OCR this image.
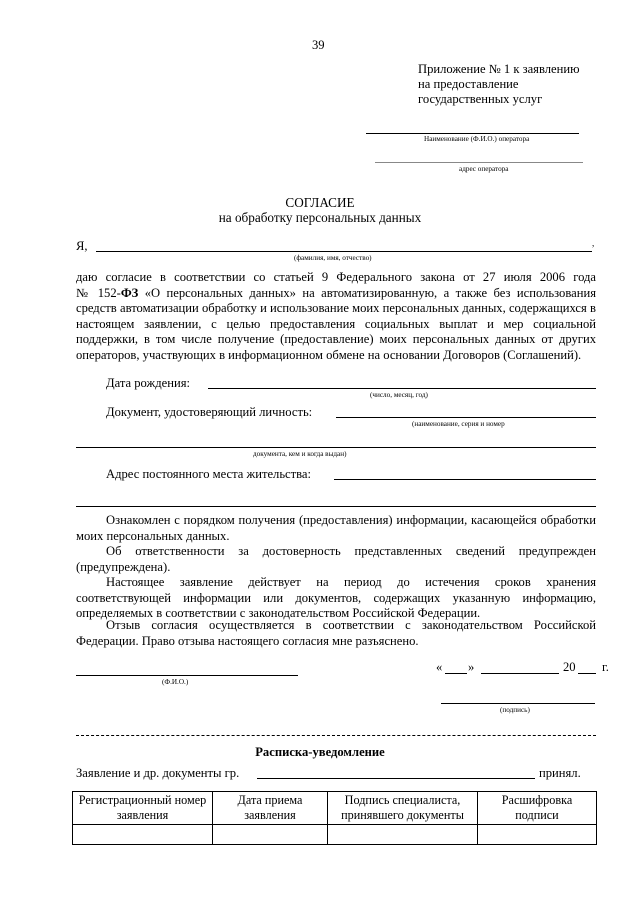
39
Приложение № 1 к заявлению
на предоставление
государственных услуг
Наименование (Ф.И.О.) оператора
адрес оператора
СОГЛАСИЕ
на обработку персональных данных
Я,	,
(фамилия, имя, отчество)
даю согласие в соответствии со статьей 9 Федерального закона от 27 июля 2006 года
№ 152-ФЗ «О персональных данных» на автоматизированную, а также без использования средств автоматизации обработку и использование моих персональных данных, содержащихся в настоящем заявлении, с целью предоставления социальных выплат и мер социальной поддержки, в том числе получение (предоставление) моих персональных данных от других операторов, участвующих в информационном обмене на основании Договоров (Соглашений).
Дата рождения:
(число, месяц, год)
Документ, удостоверяющий личность:
(наименование, серия и номер
документа, кем и когда выдан)
Адрес постоянного места жительства:
Ознакомлен с порядком получения (предоставления) информации, касающейся обработки моих персональных данных.
Об ответственности за достоверность представленных сведений предупрежден (предупреждена).
Настоящее заявление действует на период до истечения сроков хранения соответствующей информации или документов, содержащих указанную информацию, определяемых в соответствии с законодательством Российской Федерации.
Отзыв согласия осуществляется в соответствии с законодательством Российской Федерации. Право отзыва настоящего согласия мне разъяснено.
(Ф.И.О.)
« »	20 г.
(подпись)
Расписка-уведомление
Заявление и др. документы гр.	принял.
Регистрационный номер заявления	Дата приема заявления	Подпись специалиста, принявшего документы	Расшифровка подписи
